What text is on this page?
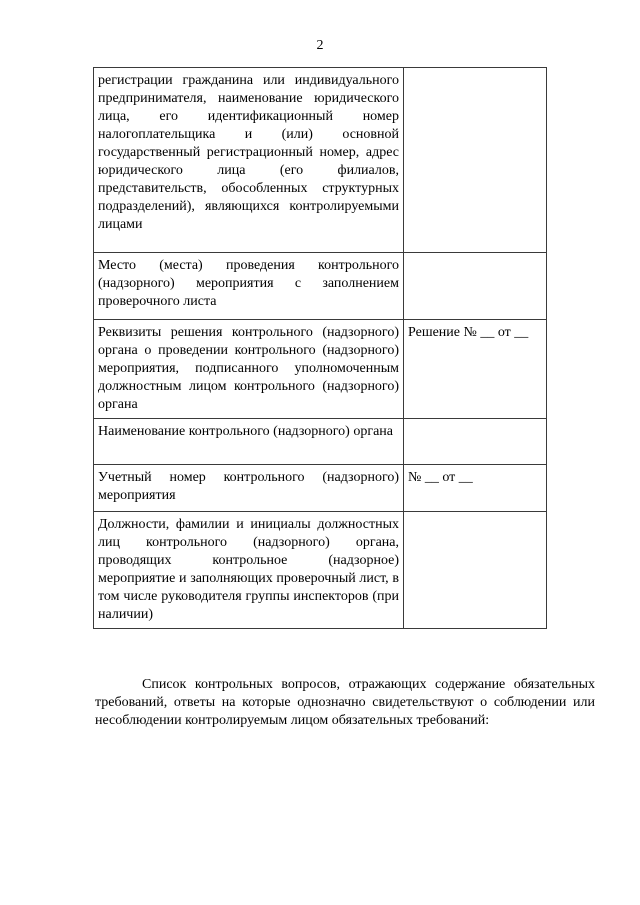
2
регистрации гражданина или индивидуального предпринимателя, наименование юридического лица, его идентификационный номер налогоплательщика и (или) основной государственный регистрационный номер, адрес юридического лица (его филиалов, представительств, обособленных структурных подразделений), являющихся контролируемыми лицами	
Место (места) проведения контрольного (надзорного) мероприятия с заполнением проверочного листа	
Реквизиты решения контрольного (надзорного) органа о проведении контрольного (надзорного) мероприятия, подписанного уполномоченным должностным лицом контрольного (надзорного) органа	Решение № __ от __
Наименование контрольного (надзорного) органа	
Учетный номер контрольного (надзорного) мероприятия	№ __ от __
Должности, фамилии и инициалы должностных лиц контрольного (надзорного) органа, проводящих контрольное (надзорное) мероприятие и заполняющих проверочный лист, в том числе руководителя группы инспекторов (при наличии)	

Список контрольных вопросов, отражающих содержание обязательных требований, ответы на которые однозначно свидетельствуют о соблюдении или несоблюдении контролируемым лицом обязательных требований:
